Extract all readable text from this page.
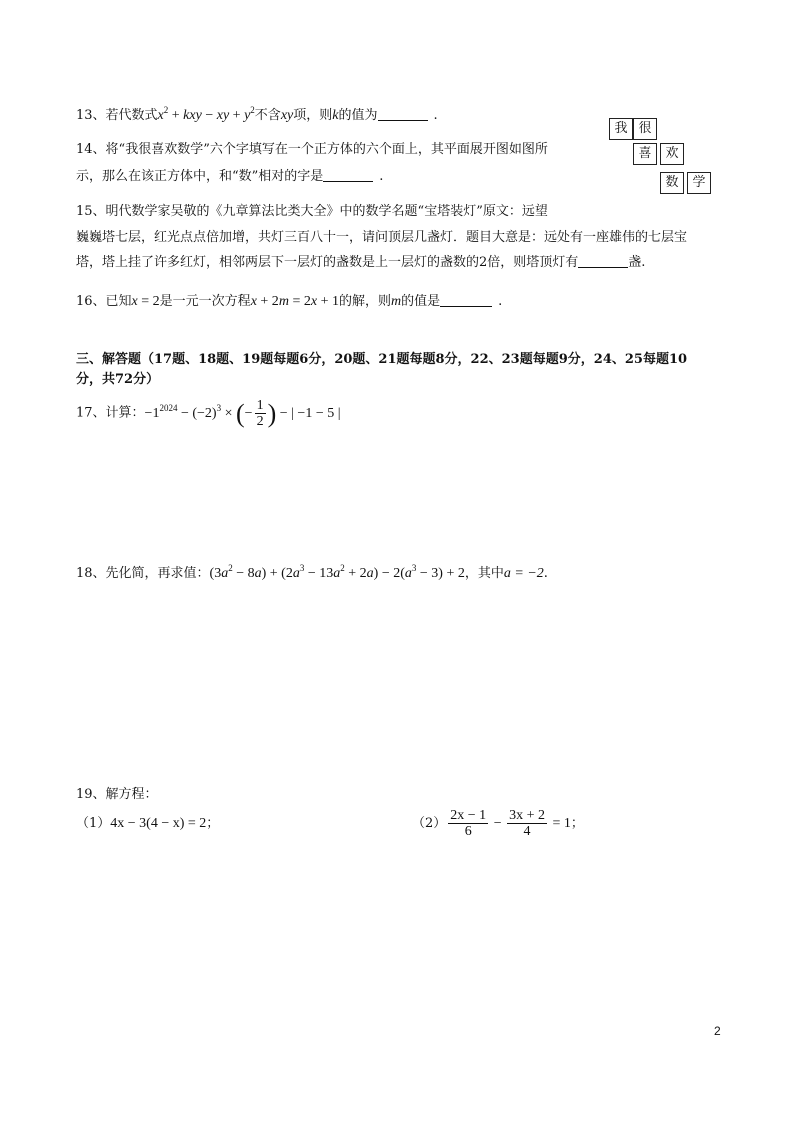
13、若代数式$x^2$ + kxy − xy + $y^2$不含xy项，则k的值为	.
我 很
喜	欢
数	学
14、将“我很喜欢数学”六个字填写在一个正方体的六个面上，其平面展开图如图所
示，那么在该正方体中，和“数”相对的字是	.
15、明代数学家吴敬的《九章算法比类大全》中的数学名题“宝塔装灯”原文：远望
巍巍塔七层，红光点点倍加增，共灯三百八十一，请问顶层几盏灯．题目大意是：远处有一座雄伟的七层宝
塔，塔上挂了许多红灯，相邻两层下一层灯的盏数是上一层灯的盏数的2倍，则塔顶灯有	盏.
16、已知x = 2是一元一次方程x + 2m = 2x + 1的解，则m的值是	.
三、解答题（17题、18题、19题每题6分，20题、21题每题8分，22、23题每题9分，24、25每题10
分，共72分）
17、计算：$-1^{2024} - (-2)^3$ × (− $\frac{1}{2}$ ) − | −1 − 5 |
18、先化简，再求值：$(3a^2 - 8a) + (2a^3 - 13a^2 + 2a) - 2(a^3 - 3) + 2$，其中a = −2.
19、解方程：
（1）4x − 3(4 − x) = 2；	$(2) \frac{2x - 1}{6} - \frac{3x + 2}{4} = 1$；
2
